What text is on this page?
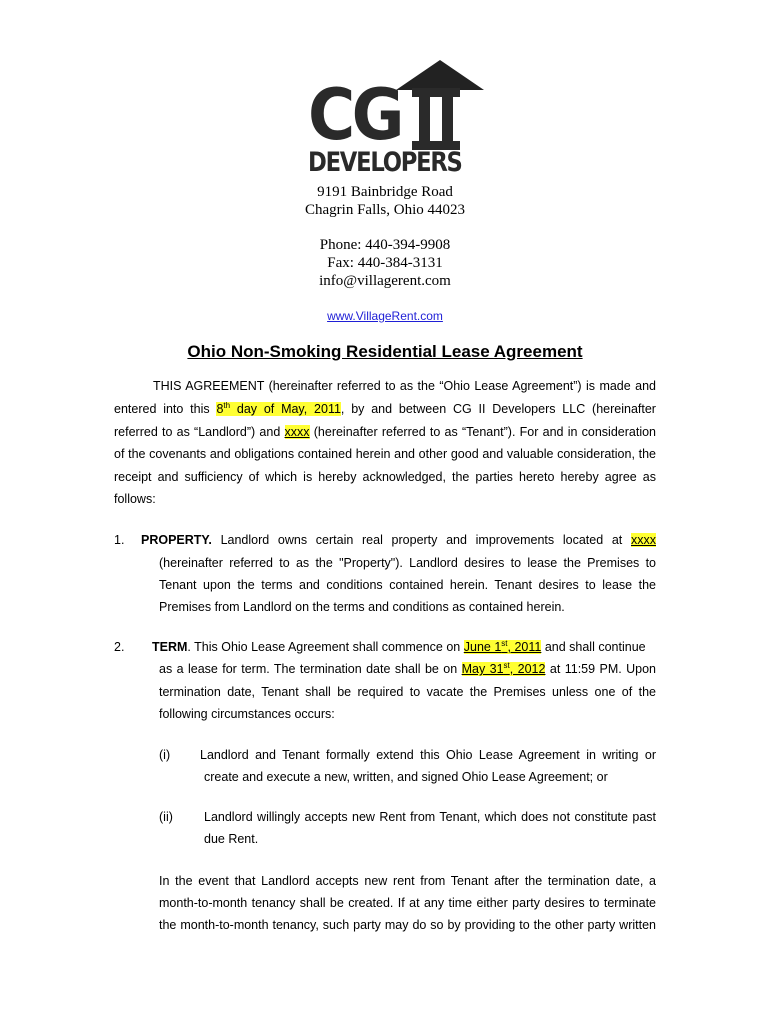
CG
DEVELOPERS
9191 Bainbridge Road
Chagrin Falls, Ohio 44023
Phone: 440-394-9908
Fax: 440-384-3131
info@villagerent.com
www.VillageRent.com
Ohio Non-Smoking Residential Lease Agreement
THIS AGREEMENT (hereinafter referred to as the “Ohio Lease Agreement”) is made and
entered into this 8th day of May, 2011, by and between CG II Developers LLC (hereinafter
referred to as “Landlord”) and xxxx (hereinafter referred to as “Tenant”). For and in consideration
of the covenants and obligations contained herein and other good and valuable consideration, the
receipt and sufficiency of which is hereby acknowledged, the parties hereto hereby agree as
follows:
1. PROPERTY. Landlord owns certain real property and improvements located at xxxx
(hereinafter referred to as the "Property"). Landlord desires to lease the Premises to
Tenant upon the terms and conditions contained herein. Tenant desires to lease the
Premises from Landlord on the terms and conditions as contained herein.
2. TERM. This Ohio Lease Agreement shall commence on June 1st, 2011 and shall continue
as a lease for term. The termination date shall be on May 31st, 2012 at 11:59 PM. Upon
termination date, Tenant shall be required to vacate the Premises unless one of the
following circumstances occurs:
(i) Landlord and Tenant formally extend this Ohio Lease Agreement in writing or
create and execute a new, written, and signed Ohio Lease Agreement; or
(ii) Landlord willingly accepts new Rent from Tenant, which does not constitute past
due Rent.
In the event that Landlord accepts new rent from Tenant after the termination date, a
month-to-month tenancy shall be created. If at any time either party desires to terminate
the month-to-month tenancy, such party may do so by providing to the other party written
